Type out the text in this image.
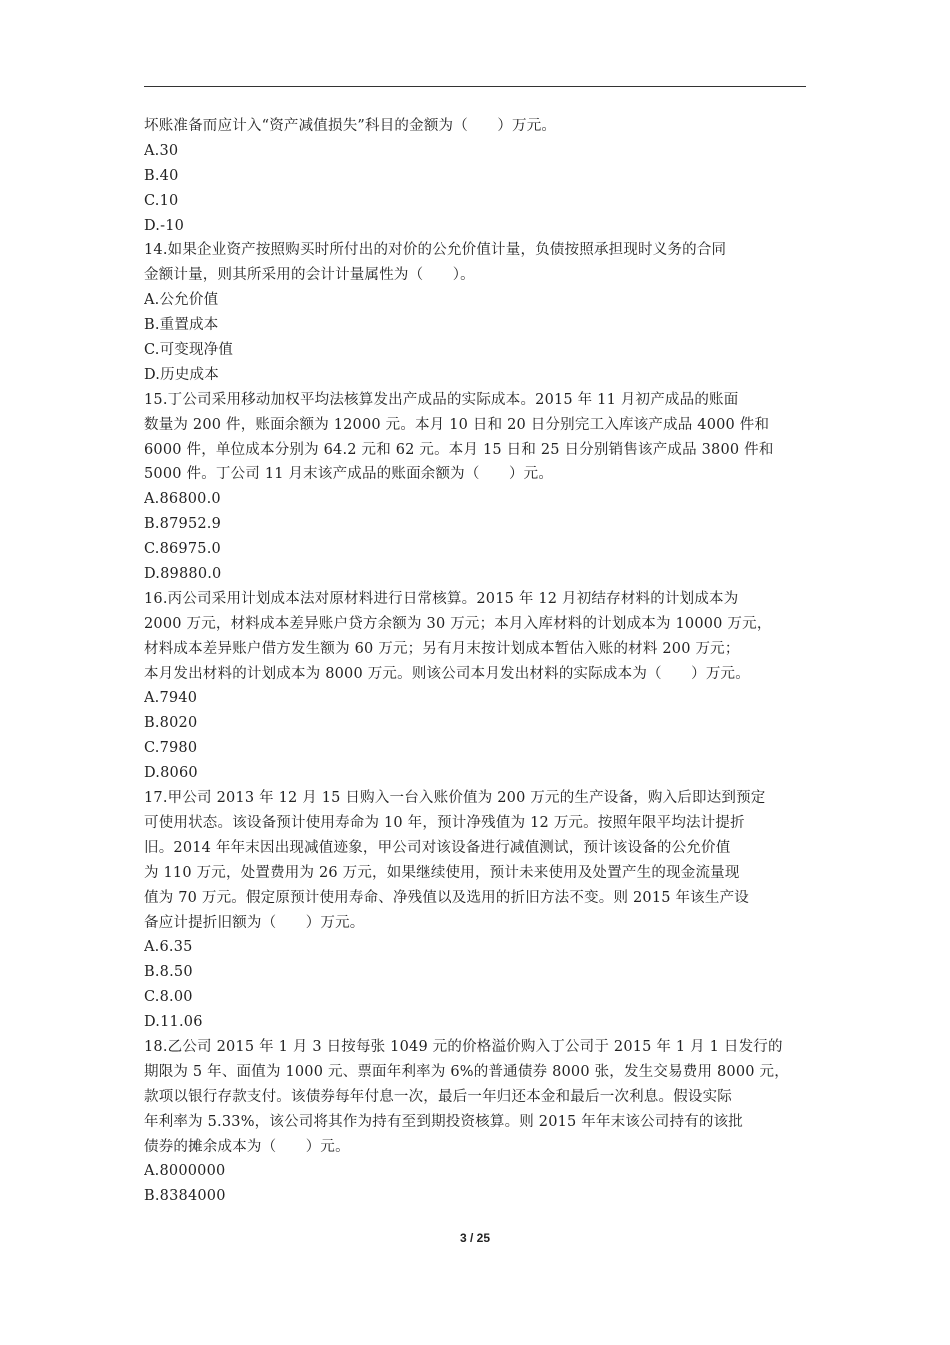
坏账准备而应计入“资产减值损失”科目的金额为（　　）万元。
A.30
B.40
C.10
D.-10
14.如果企业资产按照购买时所付出的对价的公允价值计量，负债按照承担现时义务的合同
金额计量，则其所采用的会计计量属性为（　　）。
A.公允价值
B.重置成本
C.可变现净值
D.历史成本
15.丁公司采用移动加权平均法核算发出产成品的实际成本。2015 年 11 月初产成品的账面
数量为 200 件，账面余额为 12000 元。本月 10 日和 20 日分别完工入库该产成品 4000 件和
6000 件，单位成本分别为 64.2 元和 62 元。本月 15 日和 25 日分别销售该产成品 3800 件和
5000 件。丁公司 11 月末该产成品的账面余额为（　　）元。
A.86800.0
B.87952.9
C.86975.0
D.89880.0
16.丙公司采用计划成本法对原材料进行日常核算。2015 年 12 月初结存材料的计划成本为
2000 万元，材料成本差异账户贷方余额为 30 万元；本月入库材料的计划成本为 10000 万元，
材料成本差异账户借方发生额为 60 万元；另有月末按计划成本暂估入账的材料 200 万元；
本月发出材料的计划成本为 8000 万元。则该公司本月发出材料的实际成本为（　　）万元。
A.7940
B.8020
C.7980
D.8060
17.甲公司 2013 年 12 月 15 日购入一台入账价值为 200 万元的生产设备，购入后即达到预定
可使用状态。该设备预计使用寿命为 10 年，预计净残值为 12 万元。按照年限平均法计提折
旧。2014 年年末因出现减值迹象，甲公司对该设备进行减值测试，预计该设备的公允价值
为 110 万元，处置费用为 26 万元，如果继续使用，预计未来使用及处置产生的现金流量现
值为 70 万元。假定原预计使用寿命、净残值以及选用的折旧方法不变。则 2015 年该生产设
备应计提折旧额为（　　）万元。
A.6.35
B.8.50
C.8.00
D.11.06
18.乙公司 2015 年 1 月 3 日按每张 1049 元的价格溢价购入丁公司于 2015 年 1 月 1 日发行的
期限为 5 年、面值为 1000 元、票面年利率为 6%的普通债券 8000 张，发生交易费用 8000 元，
款项以银行存款支付。该债券每年付息一次，最后一年归还本金和最后一次利息。假设实际
年利率为 5.33%，该公司将其作为持有至到期投资核算。则 2015 年年末该公司持有的该批
债券的摊余成本为（　　）元。
A.8000000
B.8384000
3 / 25
